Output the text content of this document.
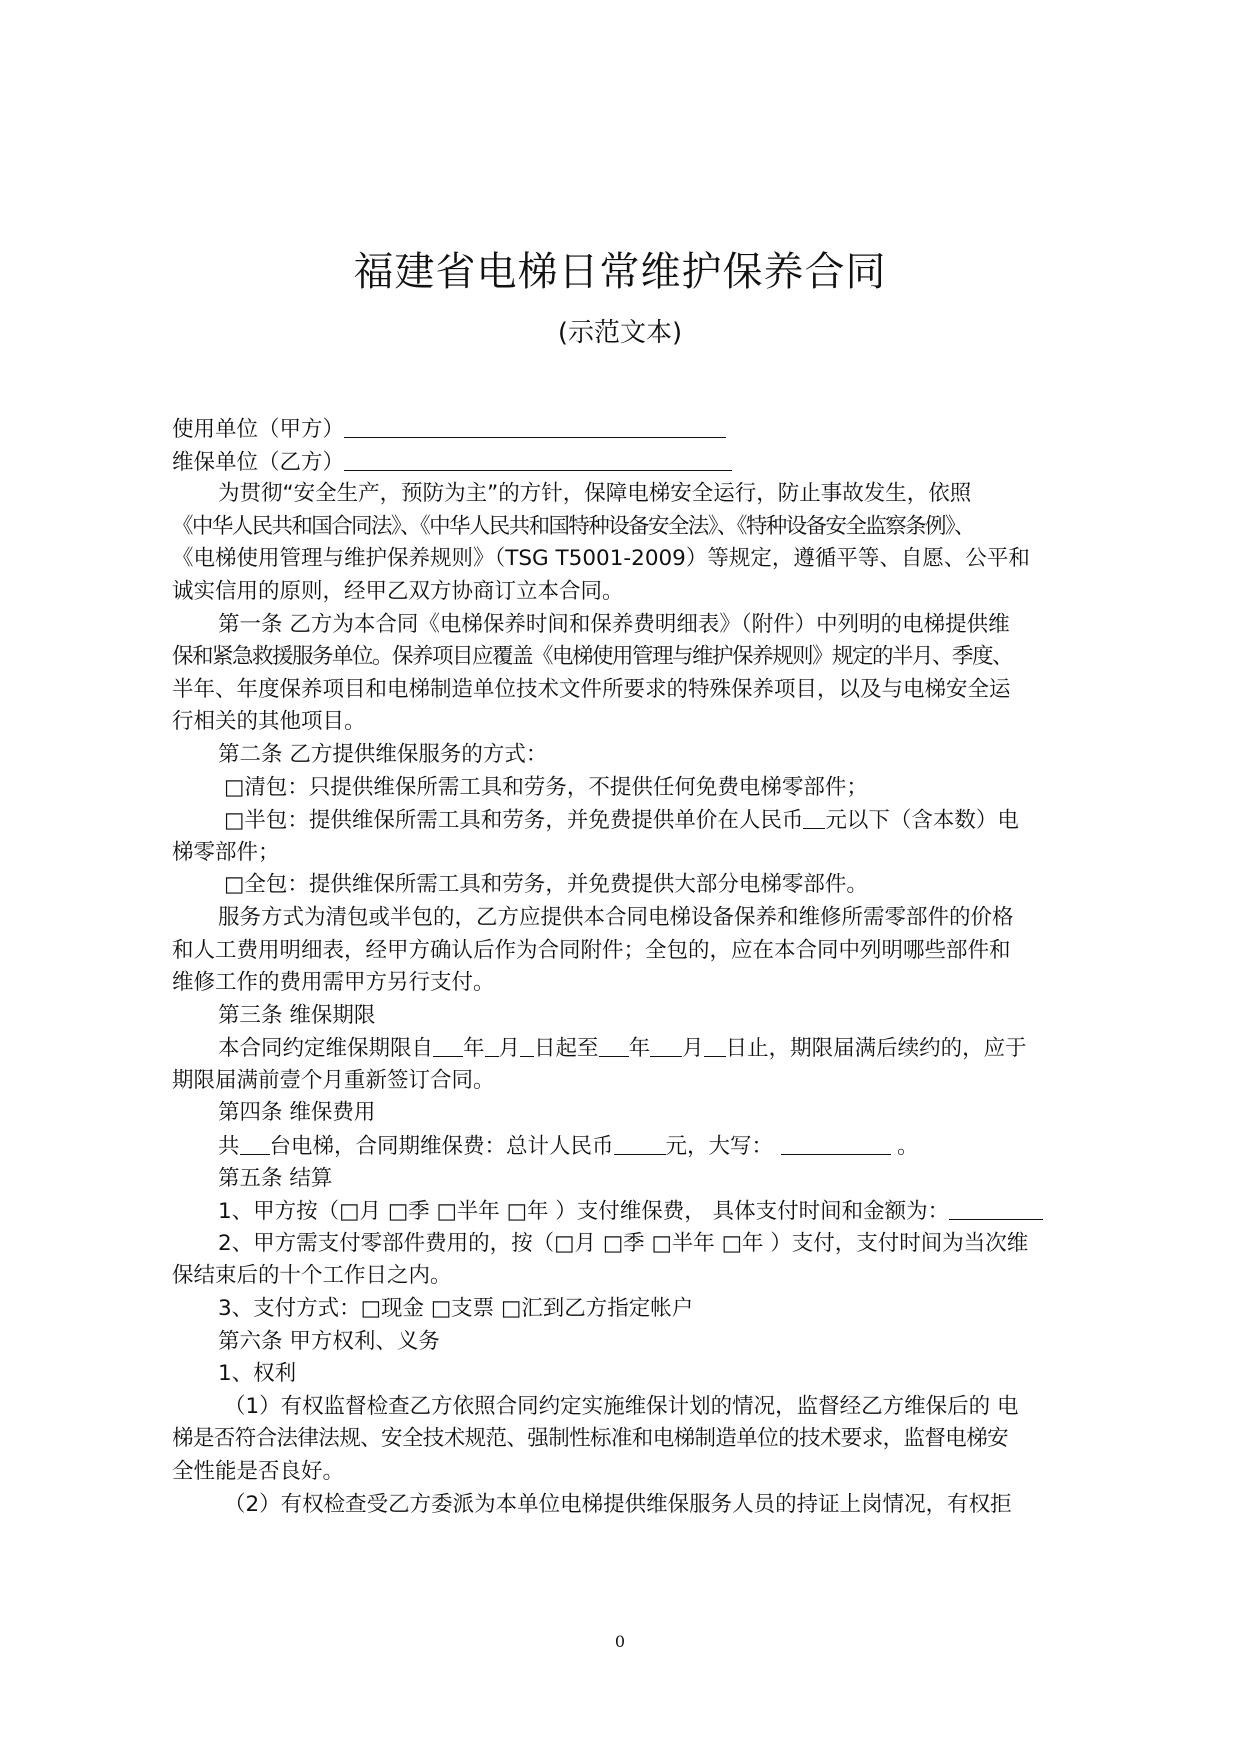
福建省电梯日常维护保养合同
(示范文本)
使用单位（甲方）
维保单位（乙方）
为贯彻“安全生产，预防为主”的方针，保障电梯安全运行，防止事故发生，依照
《中华人民共和国合同法》、《中华人民共和国特种设备安全法》、《特种设备安全监察条例》、
《电梯使用管理与维护保养规则》（TSG T5001-2009）等规定，遵循平等、自愿、公平和
诚实信用的原则，经甲乙双方协商订立本合同。
第一条 乙方为本合同《电梯保养时间和保养费明细表》（附件）中列明的电梯提供维
保和紧急救援服务单位。保养项目应覆盖《电梯使用管理与维护保养规则》规定的半月、季度、
半年、年度保养项目和电梯制造单位技术文件所要求的特殊保养项目，以及与电梯安全运
行相关的其他项目。
第二条 乙方提供维保服务的方式：
□清包：只提供维保所需工具和劳务，不提供任何免费电梯零部件；
□半包：提供维保所需工具和劳务，并免费提供单价在人民币 元以下（含本数）电
梯零部件；
□全包：提供维保所需工具和劳务，并免费提供大部分电梯零部件。
服务方式为清包或半包的，乙方应提供本合同电梯设备保养和维修所需零部件的价格
和人工费用明细表，经甲方确认后作为合同附件；全包的，应在本合同中列明哪些部件和
维修工作的费用需甲方另行支付。
第三条 维保期限
本合同约定维保期限自 年 月 日起至 年 月 日止，期限届满后续约的，应于
期限届满前壹个月重新签订合同。
第四条 维保费用
共 台电梯，合同期维保费：总计人民币 元，大写：	。
第五条 结算
1、甲方按（□月 □季 □半年 □年 ）支付维保费， 具体支付时间和金额为：
2、甲方需支付零部件费用的，按（□月 □季 □半年 □年 ）支付，支付时间为当次维
保结束后的十个工作日之内。
3、支付方式：□现金 □支票 □汇到乙方指定帐户
第六条 甲方权利、义务
1、权利
（1）有权监督检查乙方依照合同约定实施维保计划的情况，监督经乙方维保后的 电
梯是否符合法律法规、安全技术规范、强制性标准和电梯制造单位的技术要求，监督电梯安
全性能是否良好。
（2）有权检查受乙方委派为本单位电梯提供维保服务人员的持证上岗情况，有权拒
0
